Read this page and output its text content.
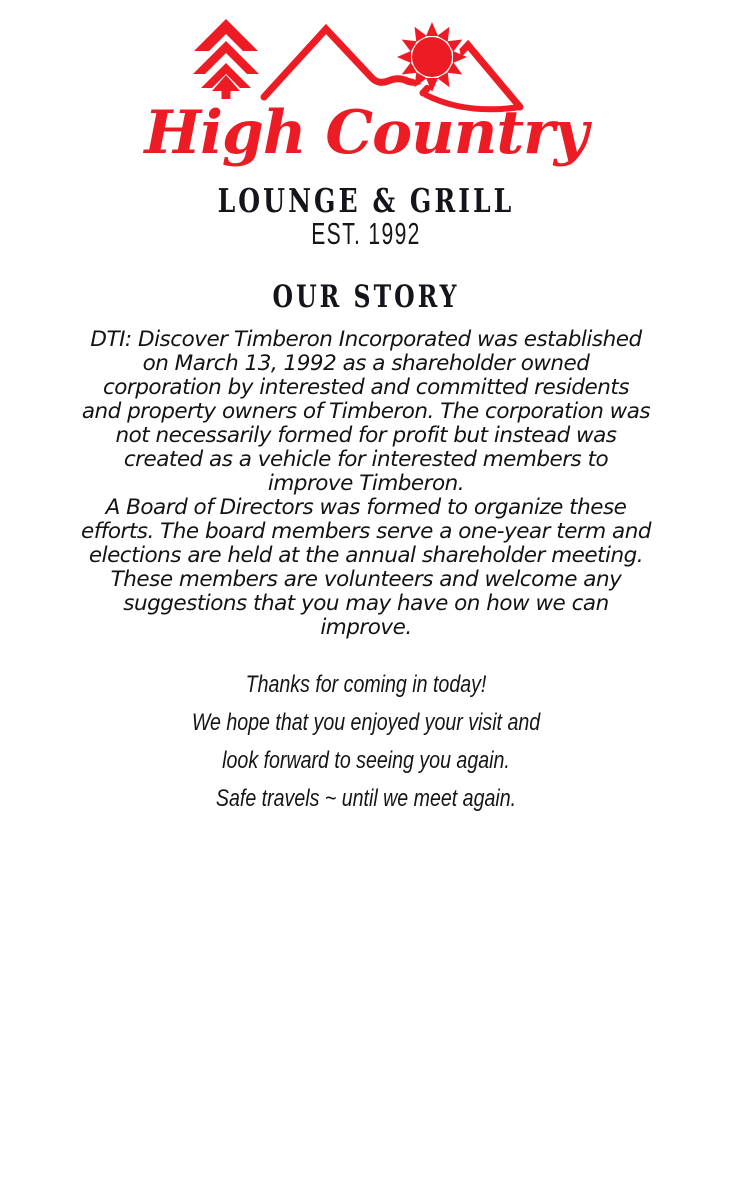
High Country
LOUNGE & GRILL
EST. 1992
OUR STORY

DTI: Discover Timberon Incorporated was established on March 13, 1992 as a shareholder owned corporation by interested and committed residents and property owners of Timberon. The corporation was not necessarily formed for profit but instead was created as a vehicle for interested members to improve Timberon.

A Board of Directors was formed to organize these efforts. The board members serve a one-year term and elections are held at the annual shareholder meeting. These members are volunteers and welcome any suggestions that you may have on how we can improve.

Thanks for coming in today!
We hope that you enjoyed your visit and
look forward to seeing you again.
Safe travels ~ until we meet again.
